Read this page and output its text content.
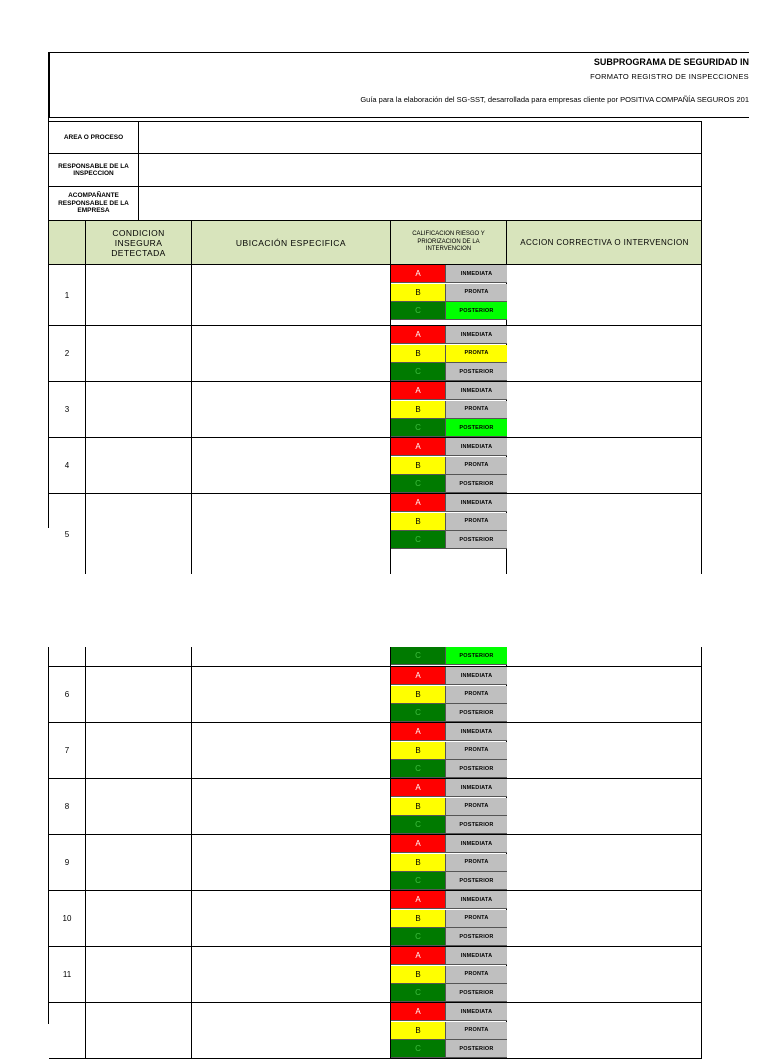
SUBPROGRAMA DE SEGURIDAD IN
FORMATO REGISTRO DE INSPECCIONES
Guía para la elaboración del SG-SST, desarrollada para empresas cliente por POSITIVA COMPAÑÍA SEGUROS 201
AREA O PROCESO
RESPONSABLE DE LA INSPECCION
ACOMPAÑANTE RESPONSABLE DE LA EMPRESA
CONDICION INSEGURA DETECTADA
UBICACIÓN ESPECIFICA
CALIFICACION RIESGO Y PRIORIZACION DE LA INTERVENCION
ACCION CORRECTIVA O INTERVENCION
1
A	INMEDIATA
B	PRONTA
C	POSTERIOR
2
A	INMEDIATA
B	PRONTA
C	POSTERIOR
3
A	INMEDIATA
B	PRONTA
C	POSTERIOR
4
A	INMEDIATA
B	PRONTA
C	POSTERIOR
5
A	INMEDIATA
B	PRONTA
C	POSTERIOR
C	POSTERIOR
6
A	INMEDIATA
B	PRONTA
C	POSTERIOR
7
A	INMEDIATA
B	PRONTA
C	POSTERIOR
8
A	INMEDIATA
B	PRONTA
C	POSTERIOR
9
A	INMEDIATA
B	PRONTA
C	POSTERIOR
10
A	INMEDIATA
B	PRONTA
C	POSTERIOR
11
A	INMEDIATA
B	PRONTA
C	POSTERIOR
A	INMEDIATA
B	PRONTA
C	POSTERIOR
